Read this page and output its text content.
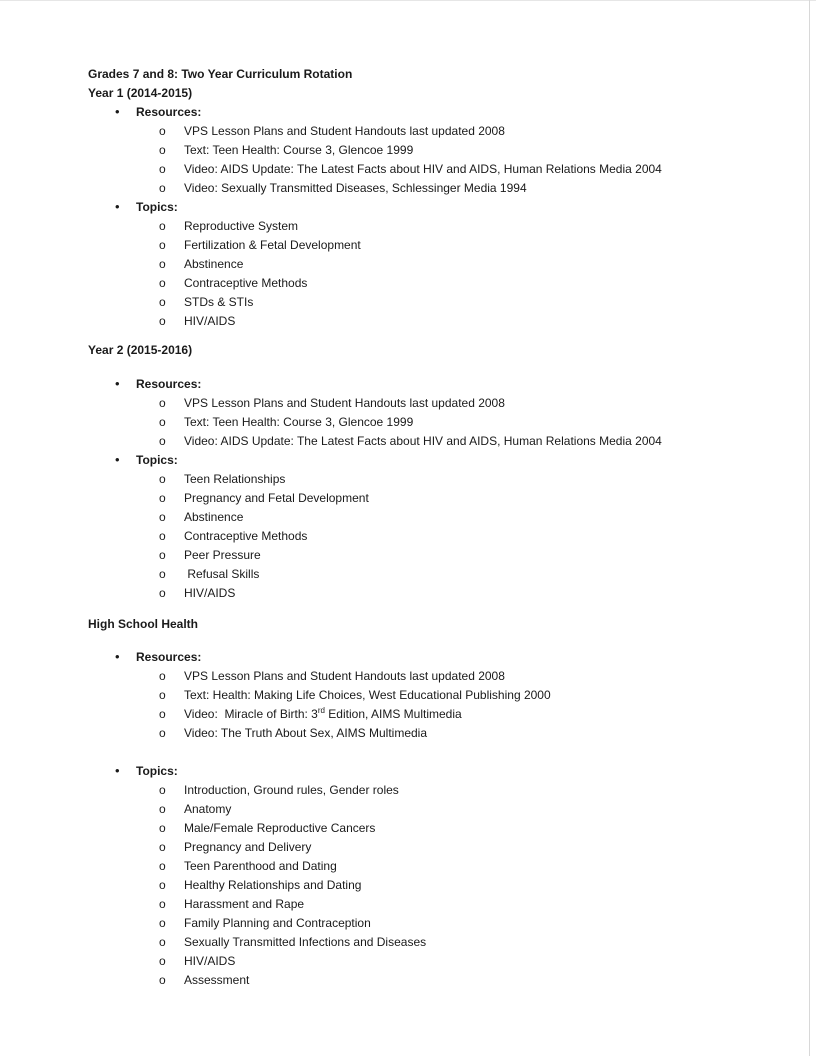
Grades 7 and 8: Two Year Curriculum Rotation
Year 1 (2014-2015)
• Resources:
o VPS Lesson Plans and Student Handouts last updated 2008
o Text: Teen Health: Course 3, Glencoe 1999
o Video: AIDS Update: The Latest Facts about HIV and AIDS, Human Relations Media 2004
o Video: Sexually Transmitted Diseases, Schlessinger Media 1994
• Topics:
o Reproductive System
o Fertilization & Fetal Development
o Abstinence
o Contraceptive Methods
o STDs & STIs
o HIV/AIDS
Year 2 (2015-2016)
• Resources:
o VPS Lesson Plans and Student Handouts last updated 2008
o Text: Teen Health: Course 3, Glencoe 1999
o Video: AIDS Update: The Latest Facts about HIV and AIDS, Human Relations Media 2004
• Topics:
o Teen Relationships
o Pregnancy and Fetal Development
o Abstinence
o Contraceptive Methods
o Peer Pressure
o Refusal Skills
o HIV/AIDS
High School Health
• Resources:
o VPS Lesson Plans and Student Handouts last updated 2008
o Text: Health: Making Life Choices, West Educational Publishing 2000
o Video:  Miracle of Birth: 3rd Edition, AIMS Multimedia
o Video: The Truth About Sex, AIMS Multimedia
• Topics:
o Introduction, Ground rules, Gender roles
o Anatomy
o Male/Female Reproductive Cancers
o Pregnancy and Delivery
o Teen Parenthood and Dating
o Healthy Relationships and Dating
o Harassment and Rape
o Family Planning and Contraception
o Sexually Transmitted Infections and Diseases
o HIV/AIDS
o Assessment
